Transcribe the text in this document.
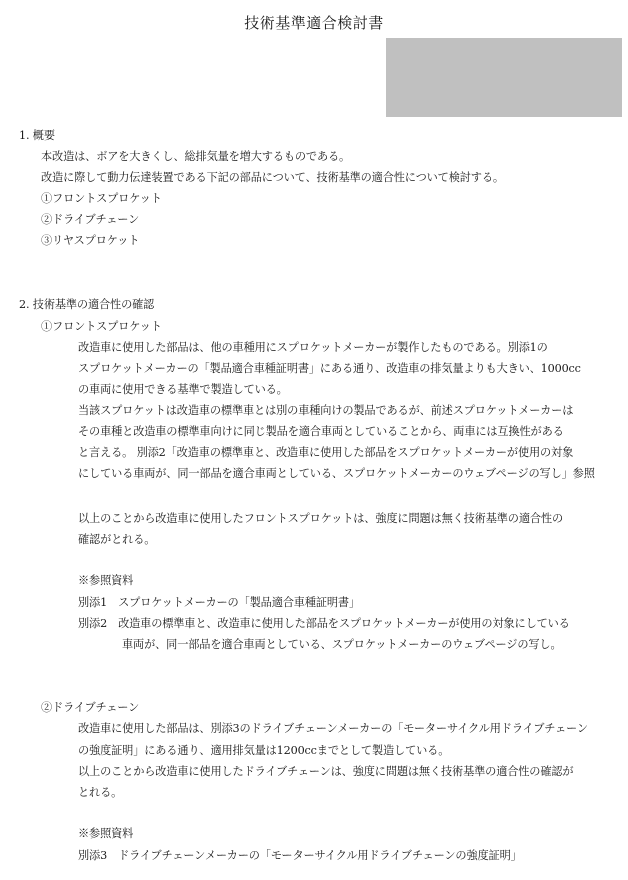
技術基準適合検討書
1. 概要
本改造は、ボアを大きくし、総排気量を増大するものである。
改造に際して動力伝達装置である下記の部品について、技術基準の適合性について検討する。
①フロントスプロケット
②ドライブチェーン
③リヤスプロケット
2. 技術基準の適合性の確認
①フロントスプロケット
改造車に使用した部品は、他の車種用にスプロケットメーカーが製作したものである。別添1の
スプロケットメーカーの「製品適合車種証明書」にある通り、改造車の排気量よりも大きい、1000cc
の車両に使用できる基準で製造している。
当該スプロケットは改造車の標準車とは別の車種向けの製品であるが、前述スプロケットメーカーは
その車種と改造車の標準車向けに同じ製品を適合車両としていることから、両車には互換性がある
と言える。 別添2「改造車の標準車と、改造車に使用した部品をスプロケットメーカーが使用の対象
にしている車両が、同一部品を適合車両としている、スプロケットメーカーのウェブページの写し」参照
以上のことから改造車に使用したフロントスプロケットは、強度に問題は無く技術基準の適合性の
確認がとれる。
※参照資料
別添1　スプロケットメーカーの「製品適合車種証明書」
別添2　改造車の標準車と、改造車に使用した部品をスプロケットメーカーが使用の対象にしている
車両が、同一部品を適合車両としている、スプロケットメーカーのウェブページの写し。
②ドライブチェーン
改造車に使用した部品は、別添3のドライブチェーンメーカーの「モーターサイクル用ドライブチェーン
の強度証明」にある通り、適用排気量は1200ccまでとして製造している。
以上のことから改造車に使用したドライブチェーンは、強度に問題は無く技術基準の適合性の確認が
とれる。
※参照資料
別添3　ドライブチェーンメーカーの「モーターサイクル用ドライブチェーンの強度証明」
